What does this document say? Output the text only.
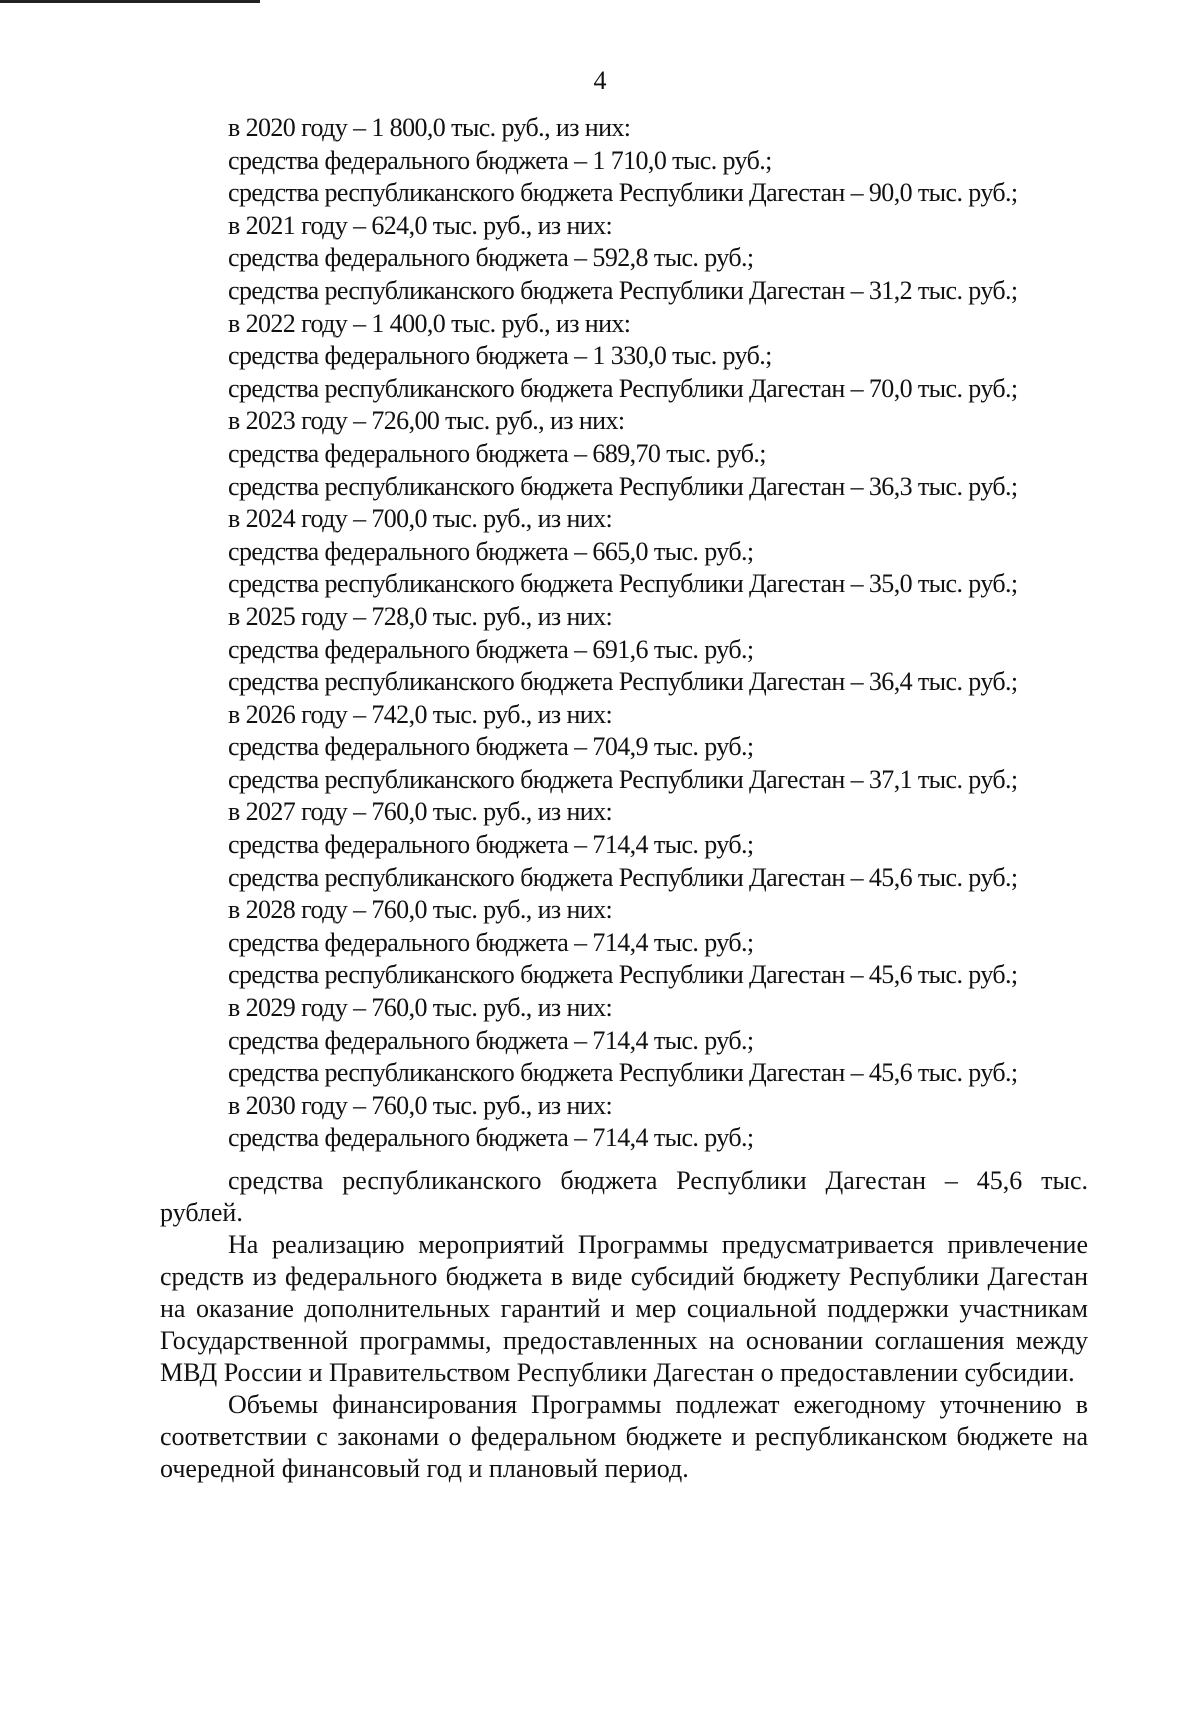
4
в 2020 году – 1 800,0 тыс. руб., из них:
средства федерального бюджета – 1 710,0 тыс. руб.;
средства республиканского бюджета Республики Дагестан – 90,0 тыс. руб.;
в 2021 году – 624,0 тыс. руб., из них:
средства федерального бюджета – 592,8 тыс. руб.;
средства республиканского бюджета Республики Дагестан – 31,2 тыс. руб.;
в 2022 году – 1 400,0 тыс. руб., из них:
средства федерального бюджета – 1 330,0 тыс. руб.;
средства республиканского бюджета Республики Дагестан – 70,0 тыс. руб.;
в 2023 году – 726,00 тыс. руб., из них:
средства федерального бюджета – 689,70 тыс. руб.;
средства республиканского бюджета Республики Дагестан – 36,3 тыс. руб.;
в 2024 году – 700,0 тыс. руб., из них:
средства федерального бюджета – 665,0 тыс. руб.;
средства республиканского бюджета Республики Дагестан – 35,0 тыс. руб.;
в 2025 году – 728,0 тыс. руб., из них:
средства федерального бюджета – 691,6 тыс. руб.;
средства республиканского бюджета Республики Дагестан – 36,4 тыс. руб.;
в 2026 году – 742,0 тыс. руб., из них:
средства федерального бюджета – 704,9 тыс. руб.;
средства республиканского бюджета Республики Дагестан – 37,1 тыс. руб.;
в 2027 году – 760,0 тыс. руб., из них:
средства федерального бюджета – 714,4 тыс. руб.;
средства республиканского бюджета Республики Дагестан – 45,6 тыс. руб.;
в 2028 году – 760,0 тыс. руб., из них:
средства федерального бюджета – 714,4 тыс. руб.;
средства республиканского бюджета Республики Дагестан – 45,6 тыс. руб.;
в 2029 году – 760,0 тыс. руб., из них:
средства федерального бюджета – 714,4 тыс. руб.;
средства республиканского бюджета Республики Дагестан – 45,6 тыс. руб.;
в 2030 году – 760,0 тыс. руб., из них:
средства федерального бюджета – 714,4 тыс. руб.;

средства республиканского бюджета Республики Дагестан – 45,6 тыс. рублей.

На реализацию мероприятий Программы предусматривается привлечение средств из федерального бюджета в виде субсидий бюджету Республики Дагестан на оказание дополнительных гарантий и мер социальной поддержки участникам Государственной программы, предоставленных на основании соглашения между МВД России и Правительством Республики Дагестан о предоставлении субсидии.

Объемы финансирования Программы подлежат ежегодному уточнению в соответствии с законами о федеральном бюджете и республиканском бюджете на очередной финансовый год и плановый период.
